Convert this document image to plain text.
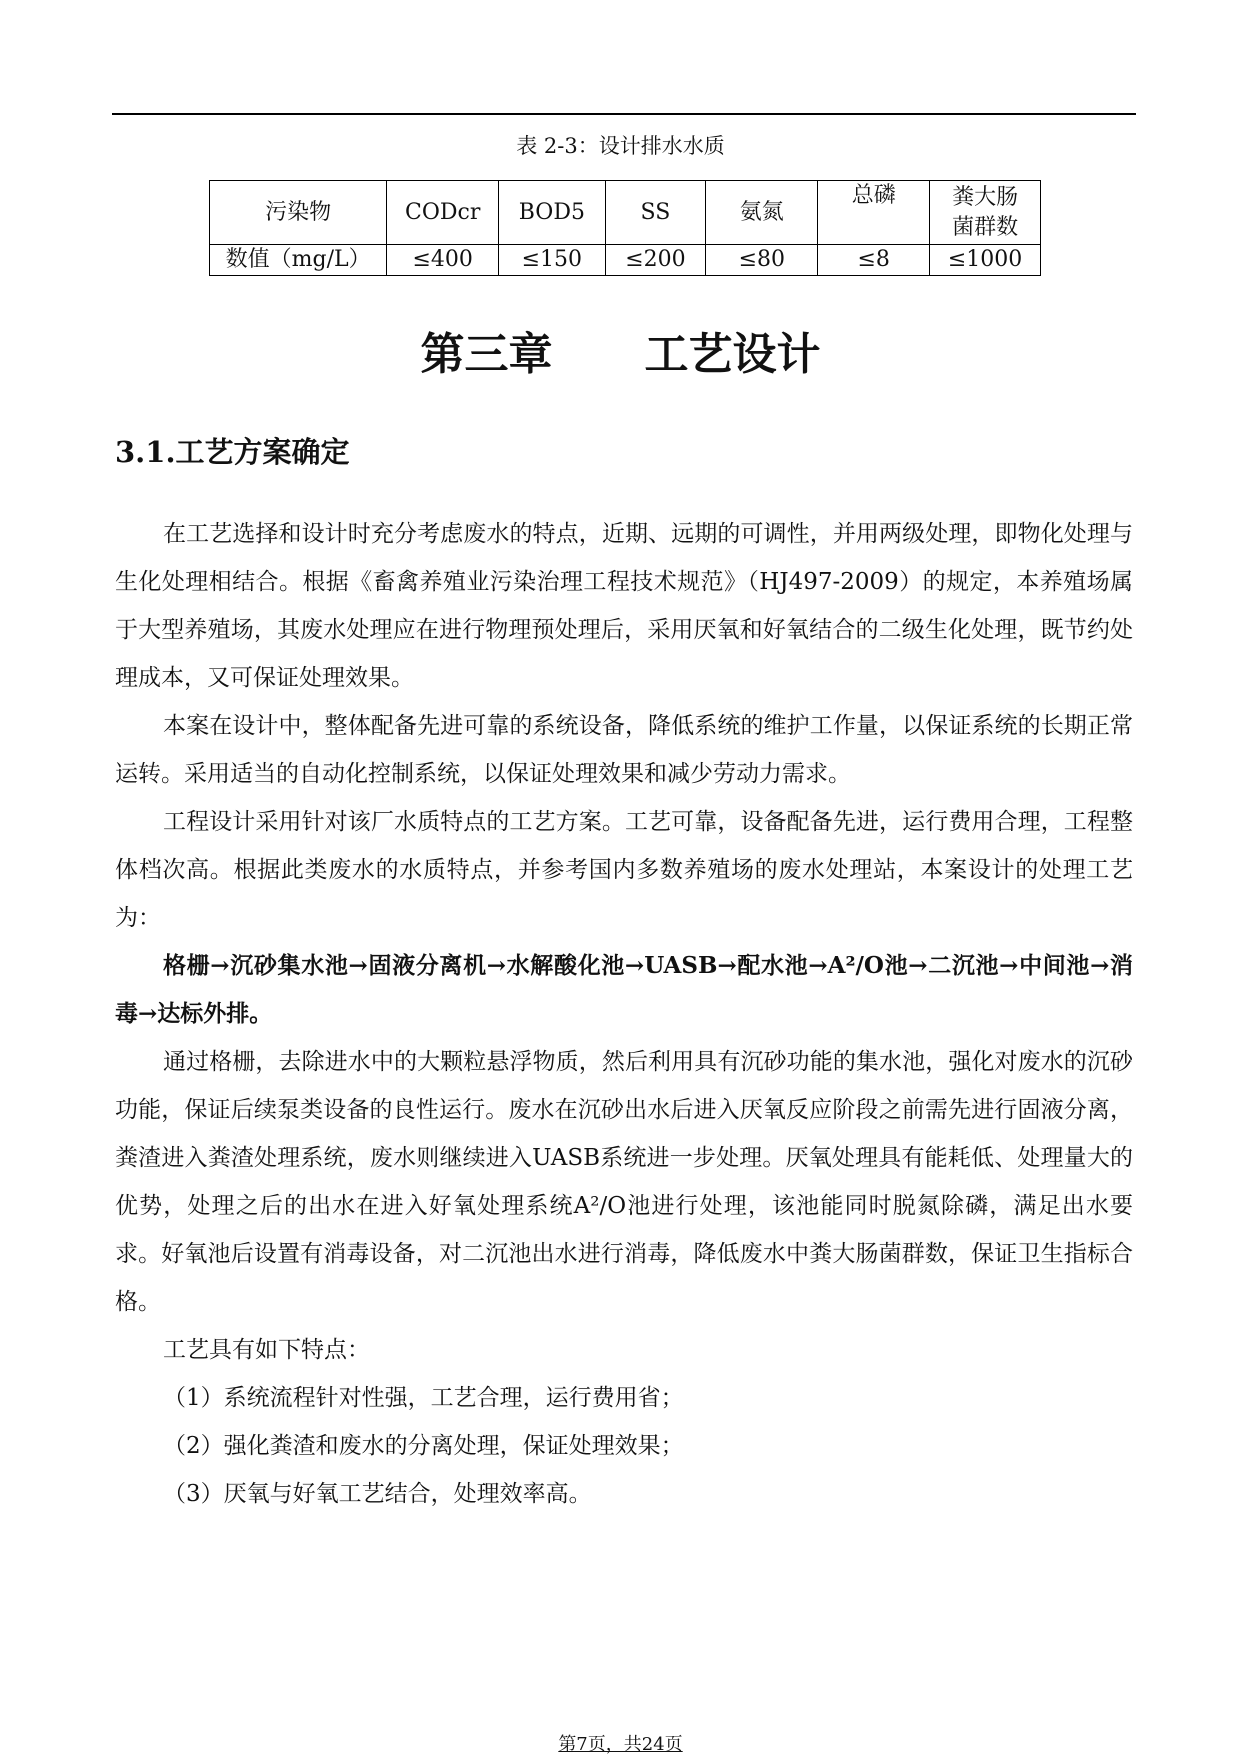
表 2-3：设计排水水质
污染物	CODcr	BOD5	SS	氨氮	总磷	粪大肠
菌群数
数值（mg/L）	≤400	≤150	≤200	≤80	≤8	≤1000
第三章      工艺设计
3.1.工艺方案确定

在工艺选择和设计时充分考虑废水的特点，近期、远期的可调性，并用两级处理，即物化处理与生化处理相结合。根据《畜禽养殖业污染治理工程技术规范》（HJ497-2009）的规定，本养殖场属于大型养殖场，其废水处理应在进行物理预处理后，采用厌氧和好氧结合的二级生化处理，既节约处理成本，又可保证处理效果。

本案在设计中，整体配备先进可靠的系统设备，降低系统的维护工作量，以保证系统的长期正常运转。采用适当的自动化控制系统，以保证处理效果和减少劳动力需求。

工程设计采用针对该厂水质特点的工艺方案。工艺可靠，设备配备先进，运行费用合理，工程整体档次高。根据此类废水的水质特点，并参考国内多数养殖场的废水处理站，本案设计的处理工艺为：

格栅→沉砂集水池→固液分离机→水解酸化池→UASB→配水池→A²/O池→二沉池→中间池→消毒→达标外排。

通过格栅，去除进水中的大颗粒悬浮物质，然后利用具有沉砂功能的集水池，强化对废水的沉砂功能，保证后续泵类设备的良性运行。废水在沉砂出水后进入厌氧反应阶段之前需先进行固液分离，粪渣进入粪渣处理系统，废水则继续进入UASB系统进一步处理。厌氧处理具有能耗低、处理量大的优势，处理之后的出水在进入好氧处理系统A²/O池进行处理，该池能同时脱氮除磷，满足出水要求。好氧池后设置有消毒设备，对二沉池出水进行消毒，降低废水中粪大肠菌群数，保证卫生指标合格。

工艺具有如下特点：

（1）系统流程针对性强，工艺合理，运行费用省；

（2）强化粪渣和废水的分离处理，保证处理效果；

（3）厌氧与好氧工艺结合，处理效率高。

第7页，共24页
